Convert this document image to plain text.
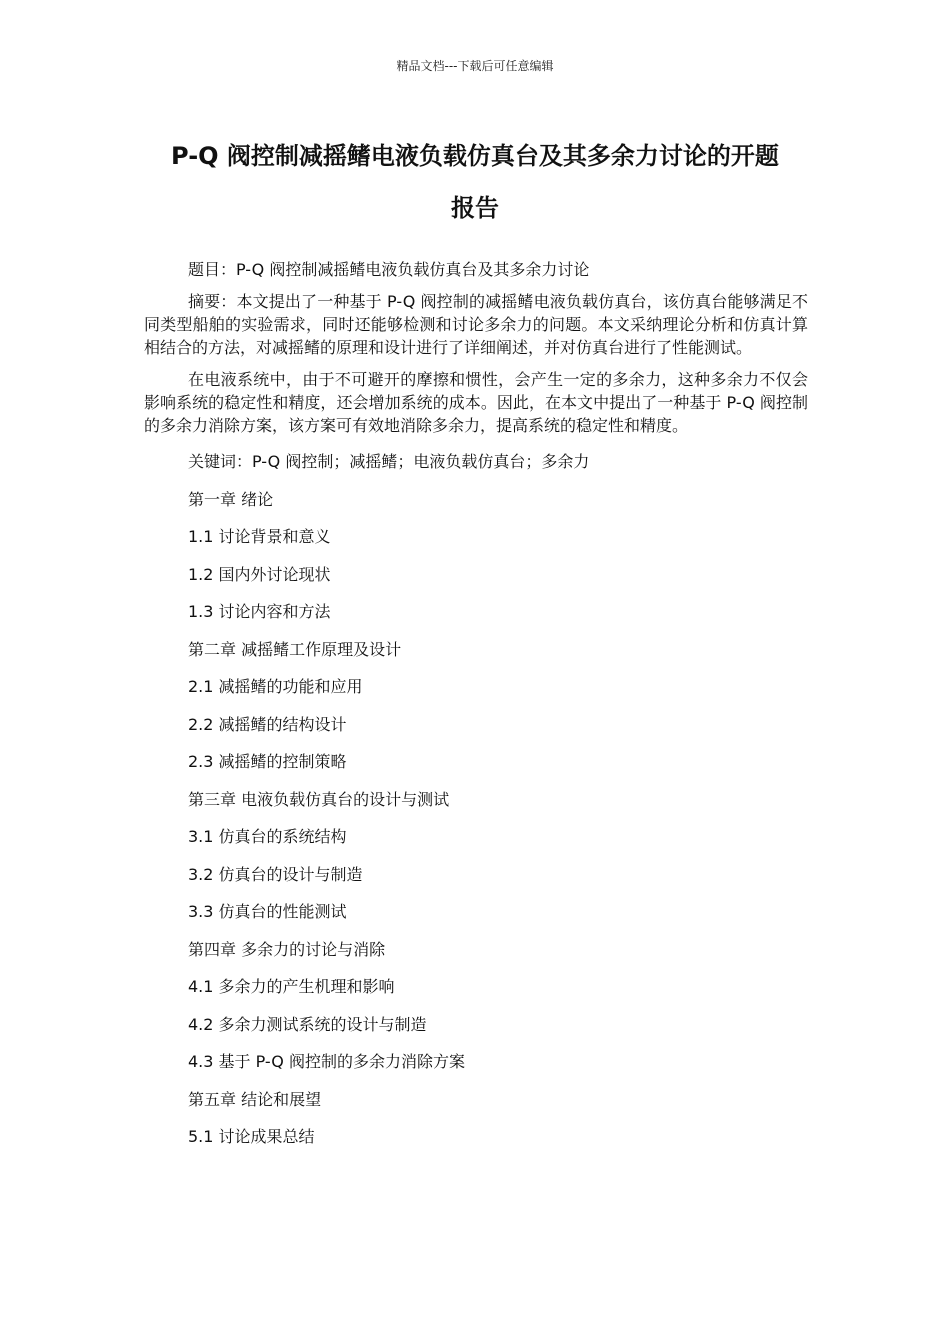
精品文档---下载后可任意编辑
P-Q 阀控制减摇鳍电液负载仿真台及其多余力讨论的开题
报告

题目：P-Q 阀控制减摇鳍电液负载仿真台及其多余力讨论

摘要：本文提出了一种基于 P-Q 阀控制的减摇鳍电液负载仿真台，该仿真台能够满足不同类型船舶的实验需求，同时还能够检测和讨论多余力的问题。本文采纳理论分析和仿真计算相结合的方法，对减摇鳍的原理和设计进行了详细阐述，并对仿真台进行了性能测试。

在电液系统中，由于不可避开的摩擦和惯性，会产生一定的多余力，这种多余力不仅会影响系统的稳定性和精度，还会增加系统的成本。因此，在本文中提出了一种基于 P-Q 阀控制的多余力消除方案，该方案可有效地消除多余力，提高系统的稳定性和精度。

关键词：P-Q 阀控制；减摇鳍；电液负载仿真台；多余力
第一章 绪论
1.1 讨论背景和意义
1.2 国内外讨论现状
1.3 讨论内容和方法
第二章 减摇鳍工作原理及设计
2.1 减摇鳍的功能和应用
2.2 减摇鳍的结构设计
2.3 减摇鳍的控制策略
第三章 电液负载仿真台的设计与测试
3.1 仿真台的系统结构
3.2 仿真台的设计与制造
3.3 仿真台的性能测试
第四章 多余力的讨论与消除
4.1 多余力的产生机理和影响
4.2 多余力测试系统的设计与制造
4.3 基于 P-Q 阀控制的多余力消除方案
第五章 结论和展望
5.1 讨论成果总结
